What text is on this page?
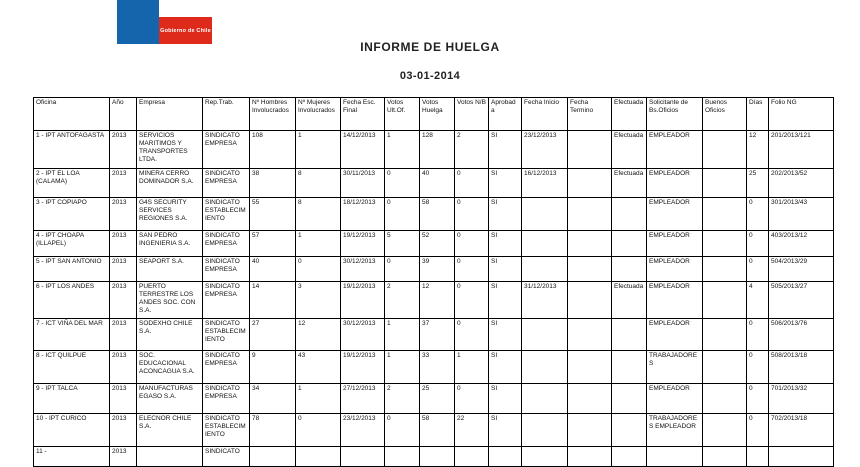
Gobierno de Chile
INFORME DE HUELGA
03-01-2014
Oficina	Año	Empresa	Rep.Trab.	Nº Hombres Involucrados	Nº Mujeres Involucrados	Fecha Esc. Final	Votos Ult.Of.	Votos Huelga	Votos N/B	Aprobada	Fecha Inicio	Fecha Termino	Efectuada	Solicitante de Bs.Oficios	Buenos Oficios	Días	Folio NG
1 - IPT ANTOFAGASTA	2013	SERVICIOS MARITIMOS Y TRANSPORTES LTDA.	SINDICATO EMPRESA	108	1	14/12/2013	1	128	2	SI	23/12/2013		Efectuada	EMPLEADOR		12	201/2013/121
2 - IPT EL LOA (CALAMA)	2013	MINERA CERRO DOMINADOR S.A.	SINDICATO EMPRESA	38	8	30/11/2013	0	40	0	SI	16/12/2013		Efectuada	EMPLEADOR		25	202/2013/52
3 - IPT COPIAPO	2013	G4S SECURITY SERVICES REGIONES S.A.	SINDICATO ESTABLECIMIENTO	55	8	18/12/2013	0	58	0	SI				EMPLEADOR		0	301/2013/43
4 - IPT CHOAPA (ILLAPEL)	2013	SAN PEDRO INGENIERIA S.A.	SINDICATO EMPRESA	57	1	19/12/2013	5	52	0	SI				EMPLEADOR		0	403/2013/12
5 - IPT SAN ANTONIO	2013	SEAPORT S.A.	SINDICATO EMPRESA	40	0	30/12/2013	0	39	0	SI				EMPLEADOR		0	504/2013/29
6 - IPT LOS ANDES	2013	PUERTO TERRESTRE LOS ANDES SOC. CON S.A.	SINDICATO EMPRESA	14	3	19/12/2013	2	12	0	SI	31/12/2013		Efectuada	EMPLEADOR		4	505/2013/27
7 - ICT VIÑA DEL MAR	2013	SODEXHO CHILE S.A.	SINDICATO ESTABLECIMIENTO	27	12	30/12/2013	1	37	0	SI				EMPLEADOR		0	506/2013/76
8 - ICT QUILPUE	2013	SOC. EDUCACIONAL ACONCAGUA S.A.	SINDICATO EMPRESA	9	43	19/12/2013	1	33	1	SI				TRABAJADORES		0	508/2013/18
9 - IPT TALCA	2013	MANUFACTURAS EGASO S.A.	SINDICATO EMPRESA	34	1	27/12/2013	2	25	0	SI				EMPLEADOR		0	701/2013/32
10 - IPT CURICO	2013	ELECNOR CHILE S.A.	SINDICATO ESTABLECIMIENTO	78	0	23/12/2013	0	58	22	SI				TRABAJADORES EMPLEADOR		0	702/2013/18
11 -	2013		SINDICATO														
